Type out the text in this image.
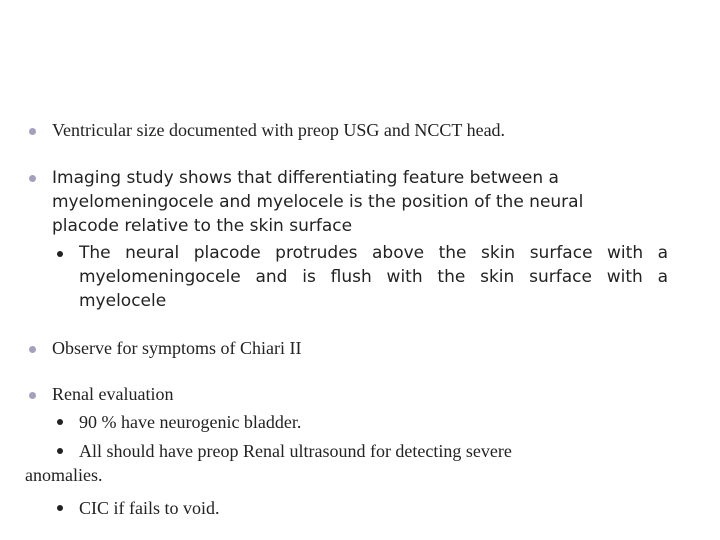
Ventricular size documented with preop USG and NCCT head.
Imaging study shows that differentiating feature between a
myelomeningocele and myelocele is the position of the neural
placode relative to the skin surface
The neural placode protrudes above the skin surface with a
myelomeningocele and is flush with the skin surface with a
myelocele
Observe for symptoms of Chiari II
Renal evaluation
90 % have neurogenic bladder.
All should have preop Renal ultrasound for detecting severe
anomalies.
CIC if fails to void.
